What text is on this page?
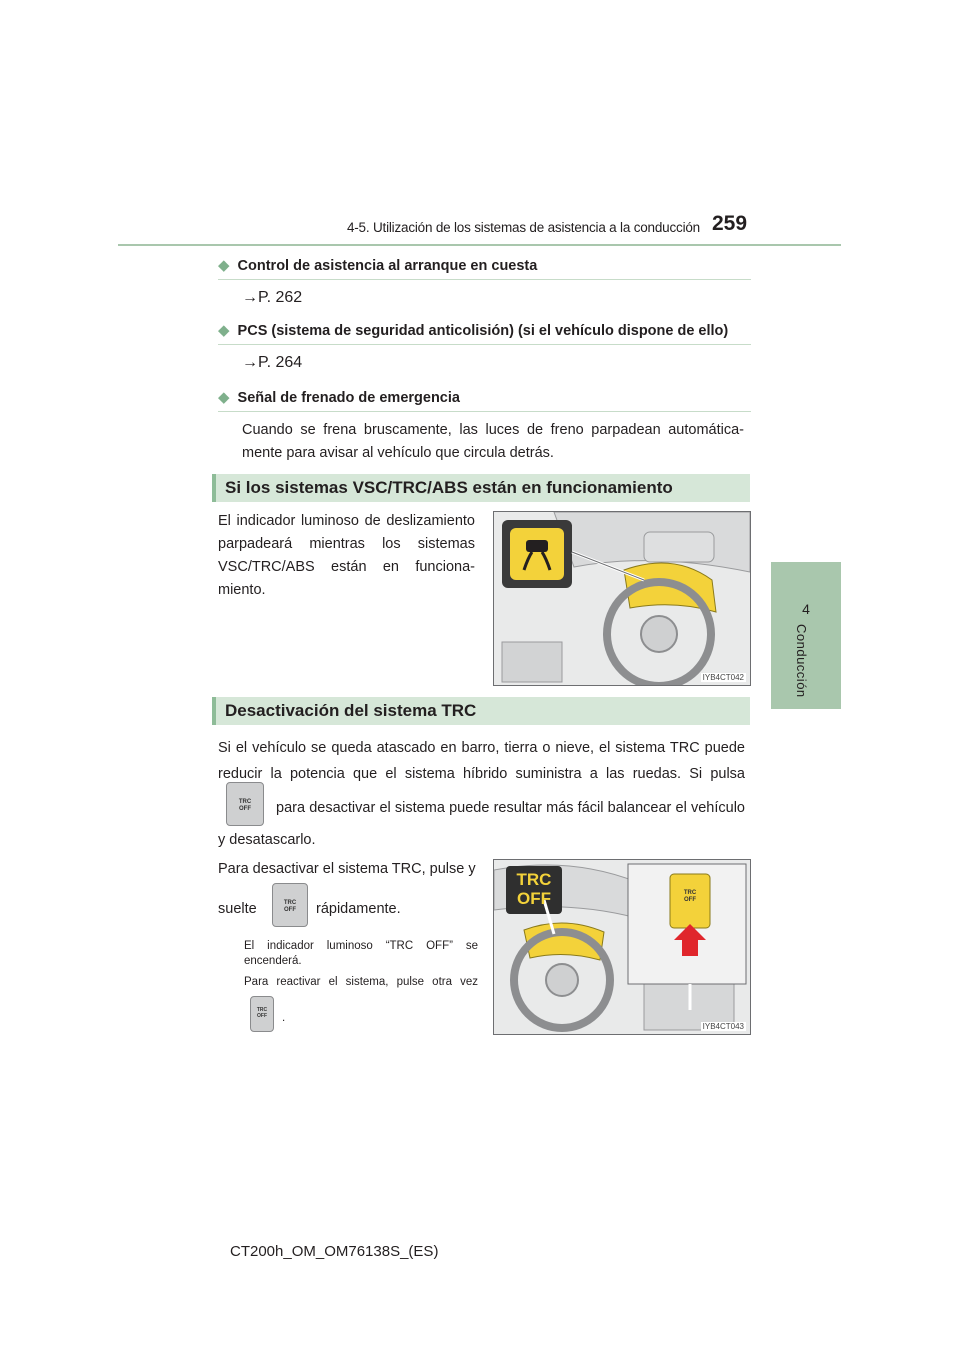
4-5. Utilización de los sistemas de asistencia a la conducción 259
4
Conducción
◆ Control de asistencia al arranque en cuesta
→P. 262
◆ PCS (sistema de seguridad anticolisión) (si el vehículo dispone de ello)
→P. 264
◆ Señal de frenado de emergencia
Cuando se frena bruscamente, las luces de freno parpadean automática-
mente para avisar al vehículo que circula detrás.
Si los sistemas VSC/TRC/ABS están en funcionamiento
El indicador luminoso de deslizamiento
parpadeará mientras los sistemas
VSC/TRC/ABS están en funciona-
miento.
IYB4CT042
Desactivación del sistema TRC
Si el vehículo se queda atascado en barro, tierra o nieve, el sistema TRC puede
reducir la potencia que el sistema híbrido suministra a las ruedas. Si pulsa
TRC
OFF	para desactivar el sistema puede resultar más fácil balancear el vehículo
y desatascarlo.
Para desactivar el sistema TRC, pulse y
suelte	TRC
OFF	rápidamente.
El indicador luminoso “TRC OFF” se
encenderá.
Para reactivar el sistema, pulse otra vez
TRC
OFF	.
TRC
OFF	TRC
OFF
IYB4CT043
CT200h_OM_OM76138S_(ES)
